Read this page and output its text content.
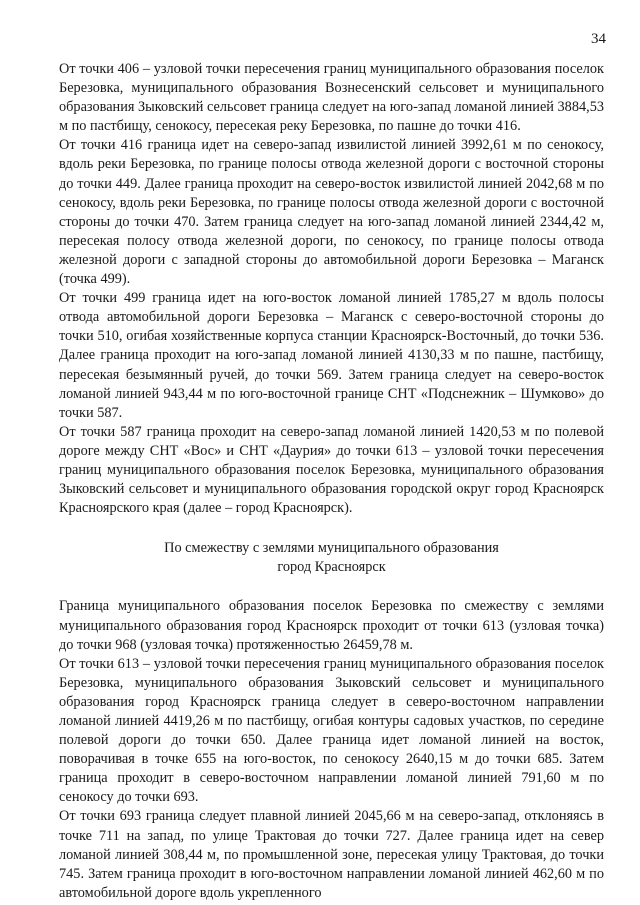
34

От точки 406 – узловой точки пересечения границ муниципального образования поселок Березовка, муниципального образования Вознесенский сельсовет и муниципального образования Зыковский сельсовет граница следует на юго-запад ломаной линией 3884,53 м по пастбищу, сенокосу, пересекая реку Березовка, по пашне до точки 416.

От точки 416 граница идет на северо-запад извилистой линией 3992,61 м по сенокосу, вдоль реки Березовка, по границе полосы отвода железной дороги с восточной стороны до точки 449. Далее граница проходит на северо-восток извилистой линией 2042,68 м по сенокосу, вдоль реки Березовка, по границе полосы отвода железной дороги с восточной стороны до точки 470. Затем граница следует на юго-запад ломаной линией 2344,42 м, пересекая полосу отвода железной дороги, по сенокосу, по границе полосы отвода железной дороги с западной стороны до автомобильной дороги Березовка – Маганск (точка 499).

От точки 499 граница идет на юго-восток ломаной линией 1785,27 м вдоль полосы отвода автомобильной дороги Березовка – Маганск с северо-восточной стороны до точки 510, огибая хозяйственные корпуса станции Красноярск-Восточный, до точки 536. Далее граница проходит на юго-запад ломаной линией 4130,33 м по пашне, пастбищу, пересекая безымянный ручей, до точки 569. Затем граница следует на северо-восток ломаной линией 943,44 м по юго-восточной границе СНТ «Подснежник – Шумково» до точки 587.

От точки 587 граница проходит на северо-запад ломаной линией 1420,53 м по полевой дороге между СНТ «Вос» и СНТ «Даурия» до точки 613 – узловой точки пересечения границ муниципального образования поселок Березовка, муниципального образования Зыковский сельсовет и муниципального образования городской округ город Красноярск Красноярского края (далее – город Красноярск).

По смежеству с землями муниципального образования
город Красноярск

Граница муниципального образования поселок Березовка по смежеству с землями муниципального образования город Красноярск проходит от точки 613 (узловая точка) до точки 968 (узловая точка) протяженностью 26459,78 м.

От точки 613 – узловой точки пересечения границ муниципального образования поселок Березовка, муниципального образования Зыковский сельсовет и муниципального образования город Красноярск граница следует в северо-восточном направлении ломаной линией 4419,26 м по пастбищу, огибая контуры садовых участков, по середине полевой дороги до точки 650. Далее граница идет ломаной линией на восток, поворачивая в точке 655 на юго-восток, по сенокосу 2640,15 м до точки 685. Затем граница проходит в северо-восточном направлении ломаной линией 791,60 м по сенокосу до точки 693.

От точки 693 граница следует плавной линией 2045,66 м на северо-запад, отклоняясь в точке 711 на запад, по улице Трактовая до точки 727. Далее граница идет на север ломаной линией 308,44 м, по промышленной зоне, пересекая улицу Трактовая, до точки 745. Затем граница проходит в юго-восточном направлении ломаной линией 462,60 м по автомобильной дороге вдоль укрепленного
